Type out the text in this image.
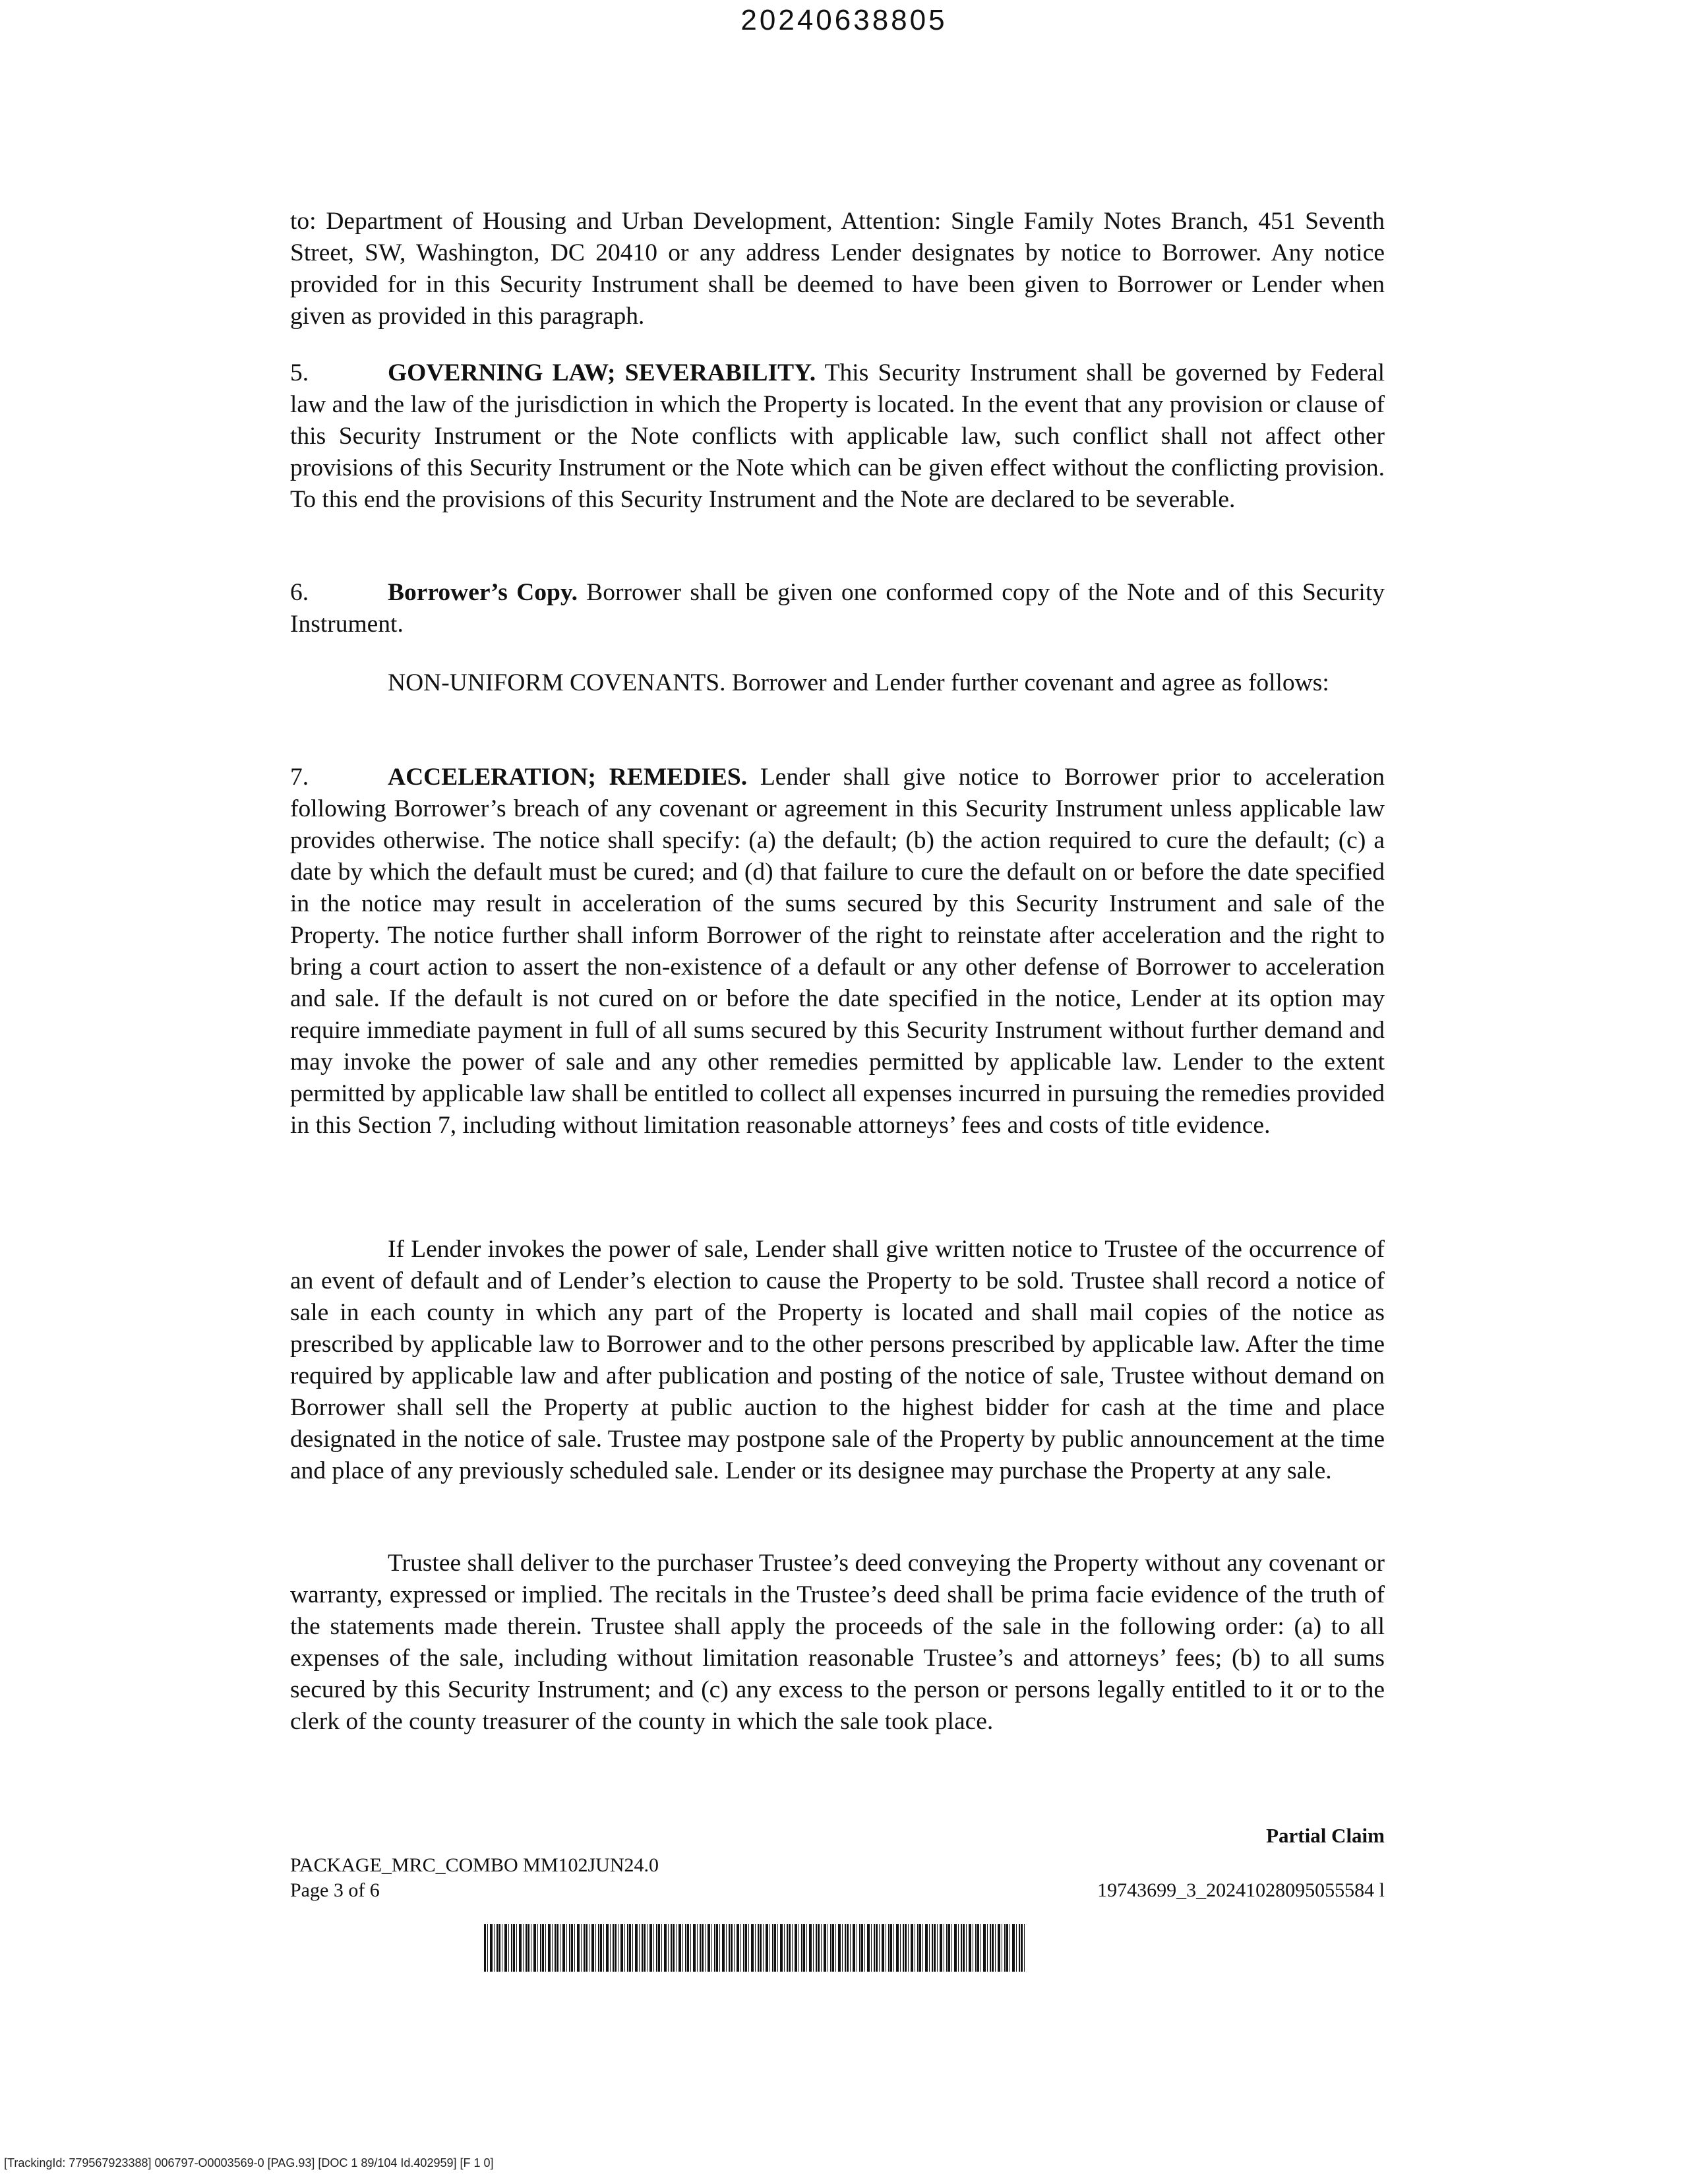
20240638805

to: Department of Housing and Urban Development, Attention: Single Family Notes Branch, 451 Seventh Street, SW, Washington, DC 20410 or any address Lender designates by notice to Borrower. Any notice provided for in this Security Instrument shall be deemed to have been given to Borrower or Lender when given as provided in this paragraph.

5.	GOVERNING LAW; SEVERABILITY. This Security Instrument shall be governed by Federal law and the law of the jurisdiction in which the Property is located. In the event that any provision or clause of this Security Instrument or the Note conflicts with applicable law, such conflict shall not affect other provisions of this Security Instrument or the Note which can be given effect without the conflicting provision. To this end the provisions of this Security Instrument and the Note are declared to be severable.

6.	Borrower’s Copy. Borrower shall be given one conformed copy of the Note and of this Security Instrument.

NON-UNIFORM COVENANTS. Borrower and Lender further covenant and agree as follows:

7.	ACCELERATION; REMEDIES. Lender shall give notice to Borrower prior to acceleration following Borrower’s breach of any covenant or agreement in this Security Instrument unless applicable law provides otherwise. The notice shall specify: (a) the default; (b) the action required to cure the default; (c) a date by which the default must be cured; and (d) that failure to cure the default on or before the date specified in the notice may result in acceleration of the sums secured by this Security Instrument and sale of the Property. The notice further shall inform Borrower of the right to reinstate after acceleration and the right to bring a court action to assert the non-existence of a default or any other defense of Borrower to acceleration and sale. If the default is not cured on or before the date specified in the notice, Lender at its option may require immediate payment in full of all sums secured by this Security Instrument without further demand and may invoke the power of sale and any other remedies permitted by applicable law. Lender to the extent permitted by applicable law shall be entitled to collect all expenses incurred in pursuing the remedies provided in this Section 7, including without limitation reasonable attorneys’ fees and costs of title evidence.

If Lender invokes the power of sale, Lender shall give written notice to Trustee of the occurrence of an event of default and of Lender’s election to cause the Property to be sold. Trustee shall record a notice of sale in each county in which any part of the Property is located and shall mail copies of the notice as prescribed by applicable law to Borrower and to the other persons prescribed by applicable law. After the time required by applicable law and after publication and posting of the notice of sale, Trustee without demand on Borrower shall sell the Property at public auction to the highest bidder for cash at the time and place designated in the notice of sale. Trustee may postpone sale of the Property by public announcement at the time and place of any previously scheduled sale. Lender or its designee may purchase the Property at any sale.

Trustee shall deliver to the purchaser Trustee’s deed conveying the Property without any covenant or warranty, expressed or implied. The recitals in the Trustee’s deed shall be prima facie evidence of the truth of the statements made therein. Trustee shall apply the proceeds of the sale in the following order: (a) to all expenses of the sale, including without limitation reasonable Trustee’s and attorneys’ fees; (b) to all sums secured by this Security Instrument; and (c) any excess to the person or persons legally entitled to it or to the clerk of the county treasurer of the county in which the sale took place.

Partial Claim
PACKAGE_MRC_COMBO MM102JUN24.0
Page 3 of 6	19743699_3_20241028095055584 l
[TrackingId: 779567923388] 006797-O0003569-0 [PAG.93] [DOC 1 89/104 Id.402959] [F 1 0]
